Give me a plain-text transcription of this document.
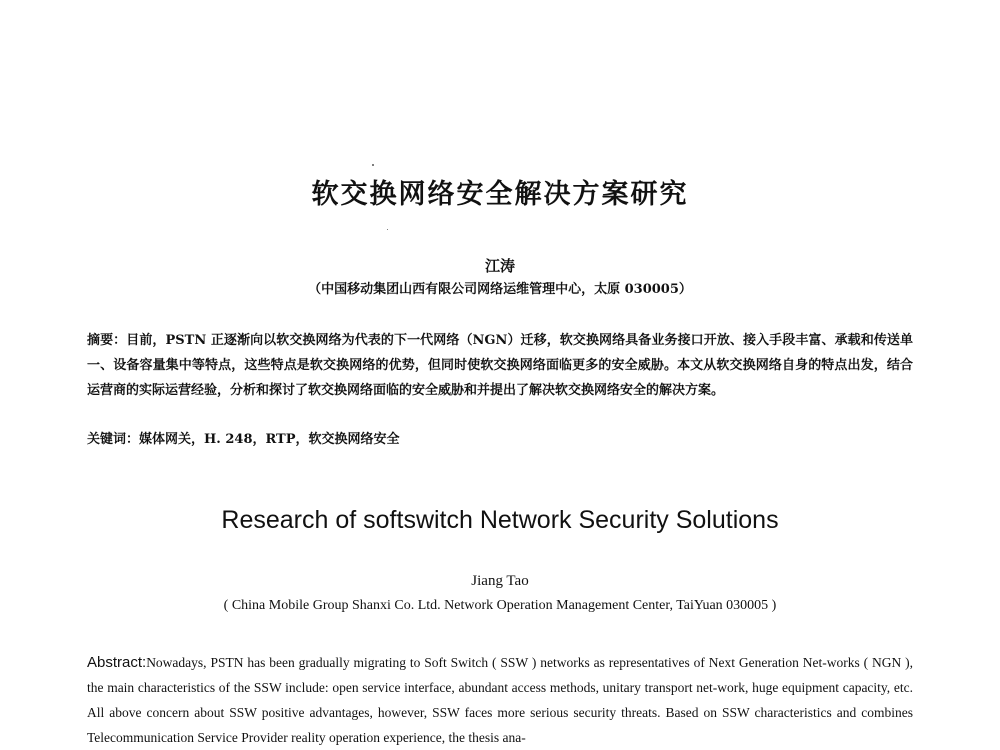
软交换网络安全解决方案研究
江涛
（中国移动集团山西有限公司网络运维管理中心，太原 030005）
摘要：目前，PSTN 正逐渐向以软交换网络为代表的下一代网络（NGN）迁移，软交换网络具备业务接口开放、接入手段丰富、承载和传送单一、设备容量集中等特点，这些特点是软交换网络的优势，但同时使软交换网络面临更多的安全威胁。本文从软交换网络自身的特点出发，结合运营商的实际运营经验，分析和探讨了软交换网络面临的安全威胁和并提出了解决软交换网络安全的解决方案。
关键词：媒体网关，H. 248，RTP，软交换网络安全
Research of softswitch Network Security Solutions
Jiang Tao
( China Mobile Group Shanxi Co. Ltd. Network Operation Management Center, TaiYuan 030005 )
Abstract:Nowadays, PSTN has been gradually migrating to Soft Switch ( SSW ) networks as representatives of Next Generation Net-works ( NGN ), the main characteristics of the SSW include: open service interface, abundant access methods, unitary transport net-work, huge equipment capacity, etc. All above concern about SSW positive advantages, however, SSW faces more serious security threats. Based on SSW characteristics and combines Telecommunication Service Provider reality operation experience, the thesis ana-
